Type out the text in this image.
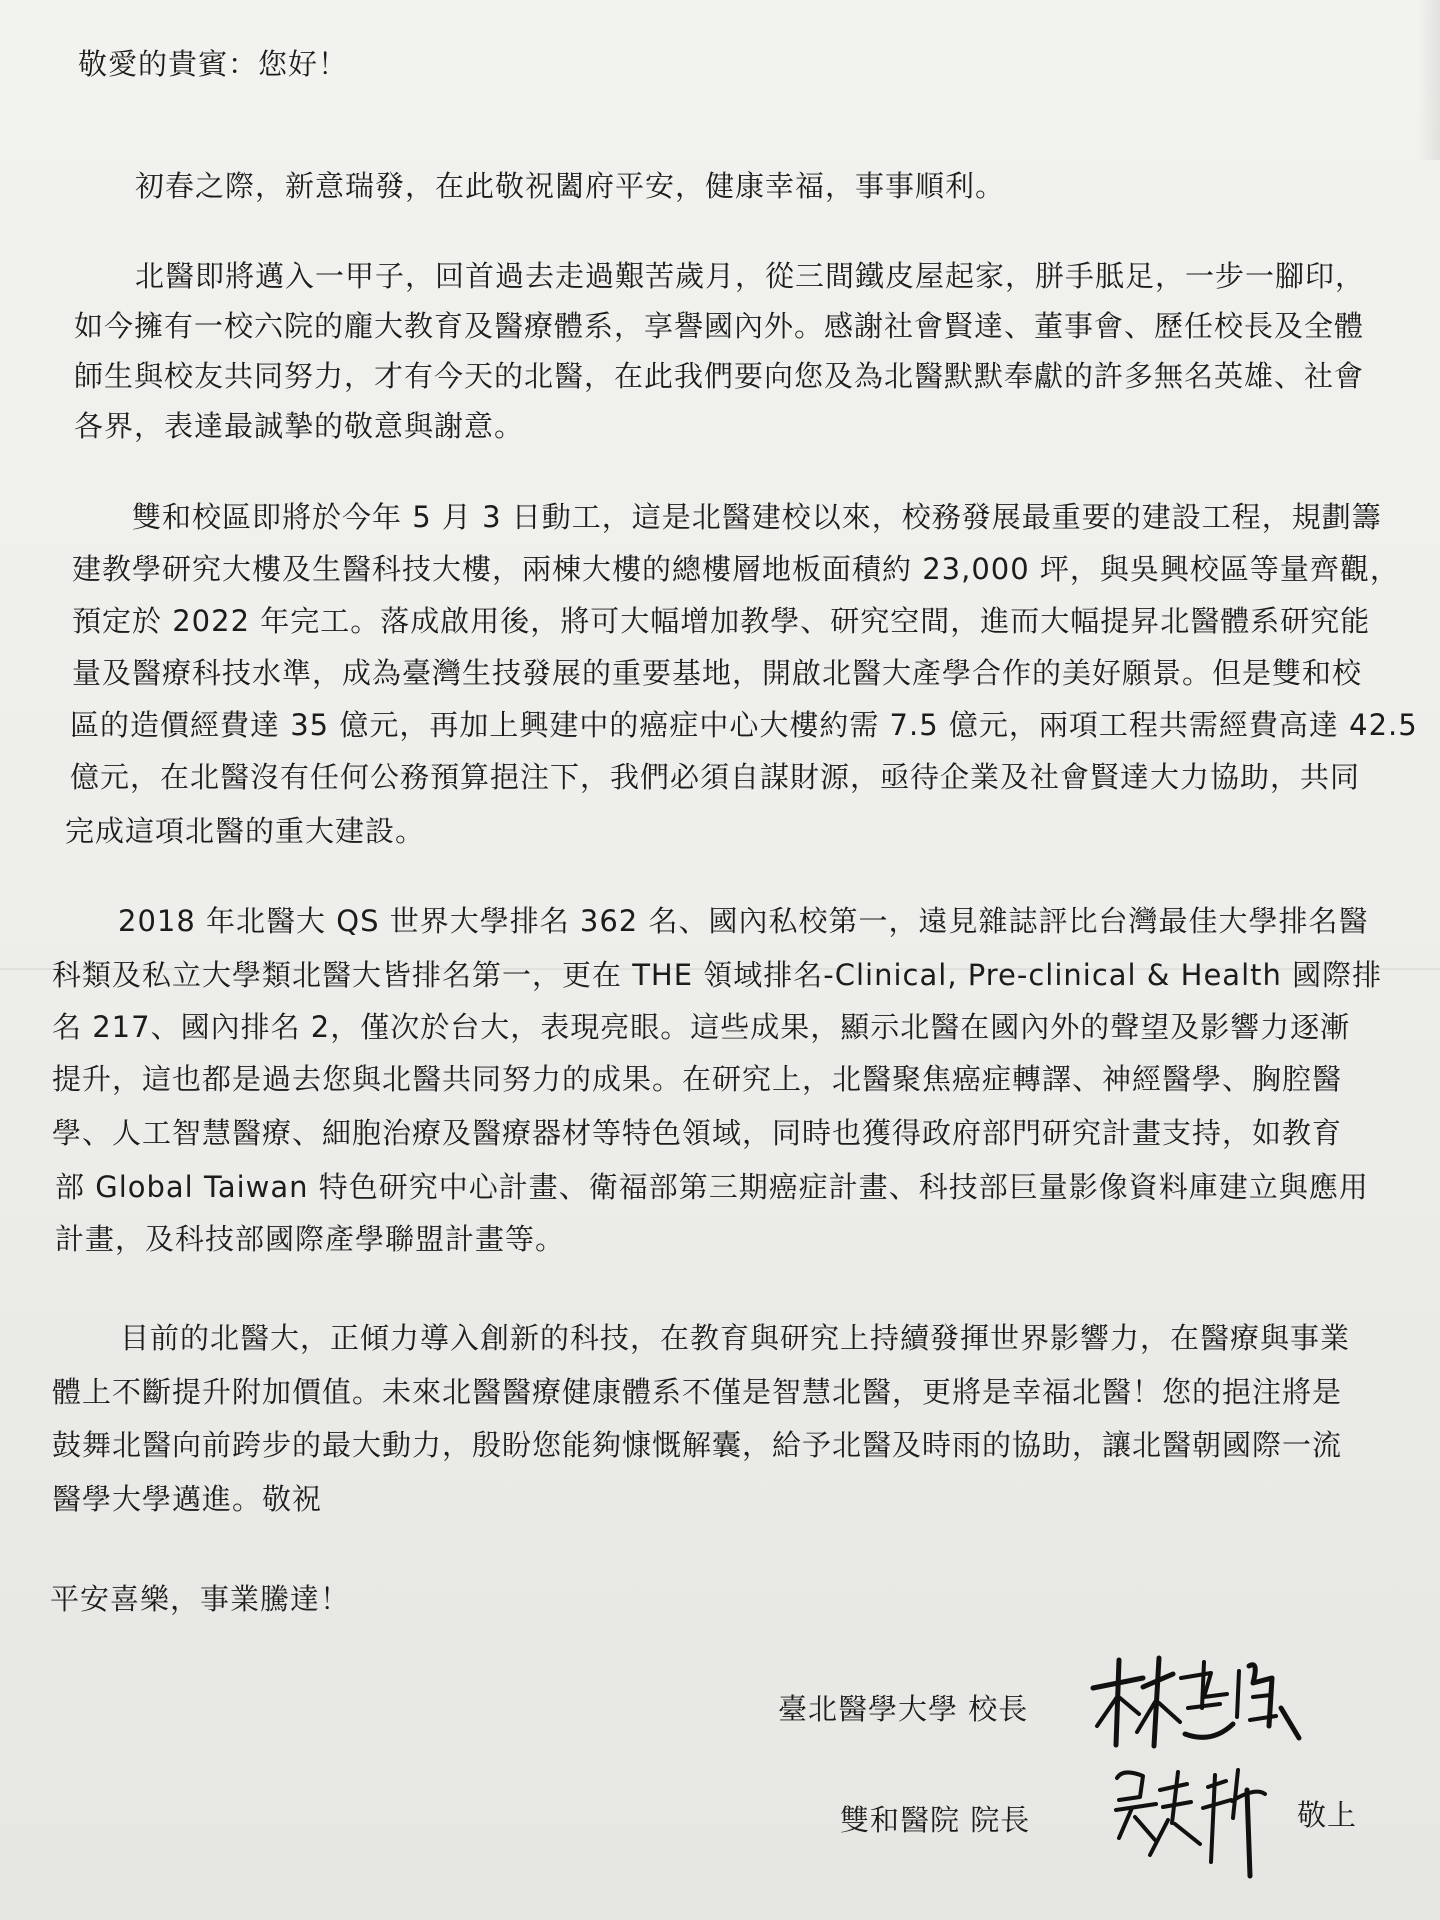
敬愛的貴賓：您好！
初春之際，新意瑞發，在此敬祝闔府平安，健康幸福，事事順利。
北醫即將邁入一甲子，回首過去走過艱苦歲月，從三間鐵皮屋起家，胼手胝足，一步一腳印，
如今擁有一校六院的龐大教育及醫療體系，享譽國內外。感謝社會賢達、董事會、歷任校長及全體
師生與校友共同努力，才有今天的北醫，在此我們要向您及為北醫默默奉獻的許多無名英雄、社會
各界，表達最誠摯的敬意與謝意。
雙和校區即將於今年 5 月 3 日動工，這是北醫建校以來，校務發展最重要的建設工程，規劃籌
建教學研究大樓及生醫科技大樓，兩棟大樓的總樓層地板面積約 23,000 坪，與吳興校區等量齊觀，
預定於 2022 年完工。落成啟用後，將可大幅增加教學、研究空間，進而大幅提昇北醫體系研究能
量及醫療科技水準，成為臺灣生技發展的重要基地，開啟北醫大產學合作的美好願景。但是雙和校
區的造價經費達 35 億元，再加上興建中的癌症中心大樓約需 7.5 億元，兩項工程共需經費高達 42.5
億元，在北醫沒有任何公務預算挹注下，我們必須自謀財源，亟待企業及社會賢達大力協助，共同
完成這項北醫的重大建設。
2018 年北醫大 QS 世界大學排名 362 名、國內私校第一，遠見雜誌評比台灣最佳大學排名醫
科類及私立大學類北醫大皆排名第一，更在 THE 領域排名-Clinical, Pre-clinical & Health 國際排
名 217、國內排名 2，僅次於台大，表現亮眼。這些成果，顯示北醫在國內外的聲望及影響力逐漸
提升，這也都是過去您與北醫共同努力的成果。在研究上，北醫聚焦癌症轉譯、神經醫學、胸腔醫
學、人工智慧醫療、細胞治療及醫療器材等特色領域，同時也獲得政府部門研究計畫支持，如教育
部 Global Taiwan 特色研究中心計畫、衛福部第三期癌症計畫、科技部巨量影像資料庫建立與應用
計畫，及科技部國際產學聯盟計畫等。
目前的北醫大，正傾力導入創新的科技，在教育與研究上持續發揮世界影響力，在醫療與事業
體上不斷提升附加價值。未來北醫醫療健康體系不僅是智慧北醫，更將是幸福北醫！您的挹注將是
鼓舞北醫向前跨步的最大動力，殷盼您能夠慷慨解囊，給予北醫及時雨的協助，讓北醫朝國際一流
醫學大學邁進。敬祝
平安喜樂，事業騰達！
臺北醫學大學 校長
雙和醫院 院長	敬上
